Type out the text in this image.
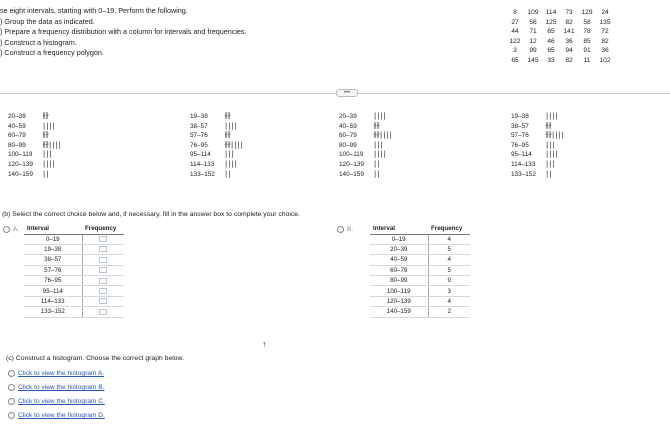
se eight intervals, starting with 0–19. Perform the following.
) Group the data as indicated.
) Prepare a frequency distribution with a column for intervals and frequencies.
) Construct a histogram.
) Construct a frequency polygon.
8 109 114 73 129 24
27 56 125 82 58 135
44 71 65 141 78 72
122 12 46 36 85 82
3 99 65 94 91 36
65 145 33 82 11 102
•••
20–39 卌
40–59 ||||
60–79 卌
80–99 卌||||
100–119 |||
120–139 ||||
140–159 ||
19–38 卌
38–57 ||||
57–76 卌
76–95 卌||||
95–114 |||
114–133 ||||
133–152 ||
20–39 ||||
40–59 卌
60–79 卌||||
80–99 |||
100–119 ||||
120–139 ||
140–159 ||
19–38 ||||
38–57 卌
57–76 卌||||
76–95 |||
95–114 ||||
114–133 |||
133–152 ||
(b) Select the correct choice below and, if necessary, fill in the answer box to complete your choice.
A. Interval	Frequency
0–19	
19–38	
38–57	
57–76	
76–95	
95–114	
114–133	
133–152	
B.	Interval	Frequency
0–19	4
20–39	5
40–59	4
60–79	5
80–99	9
100–119	3
120–139	4
140–159	2
↑
(c) Construct a histogram. Choose the correct graph below.
Click to view the histogram A.
Click to view the histogram B.
Click to view the histogram C.
Click to view the histogram D.
